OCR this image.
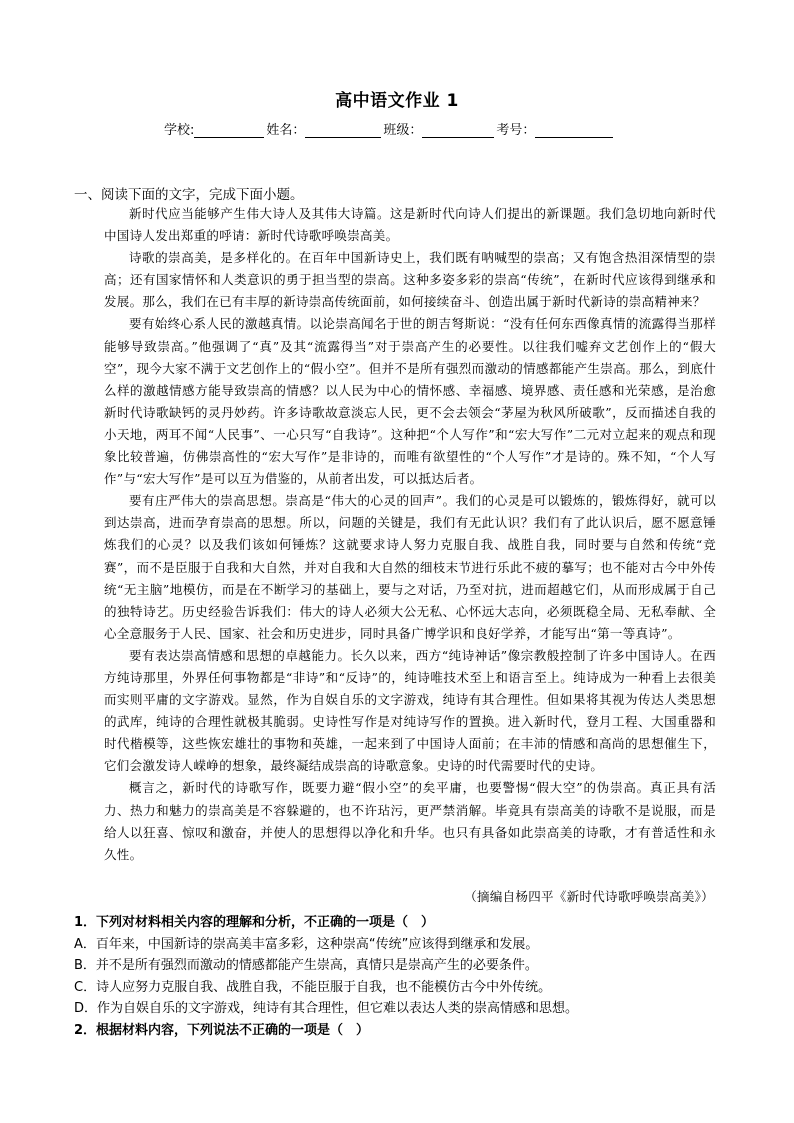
高中语文作业 1
学校:	姓名：	班级：	考号：
一、阅读下面的文字，完成下面小题。

新时代应当能够产生伟大诗人及其伟大诗篇。这是新时代向诗人们提出的新课题。我们急切地向新时代中国诗人发出郑重的呼请：新时代诗歌呼唤崇高美。

诗歌的崇高美，是多样化的。在百年中国新诗史上，我们既有呐喊型的崇高；又有饱含热泪深情型的崇高；还有国家情怀和人类意识的勇于担当型的崇高。这种多姿多彩的崇高“传统”，在新时代应该得到继承和发展。那么，我们在已有丰厚的新诗崇高传统面前，如何接续奋斗、创造出属于新时代新诗的崇高精神来？

要有始终心系人民的激越真情。以论崇高闻名于世的朗吉弩斯说：“没有任何东西像真情的流露得当那样能够导致崇高。”他强调了“真”及其“流露得当”对于崇高产生的必要性。以往我们嘘弃文艺创作上的“假大空”，现今大家不满于文艺创作上的“假小空”。但并不是所有强烈而激动的情感都能产生崇高。那么，到底什么样的激越情感方能导致崇高的情感？以人民为中心的情怀感、幸福感、境界感、责任感和光荣感，是治愈新时代诗歌缺钙的灵丹妙药。许多诗歌故意淡忘人民，更不会去领会“茅屋为秋风所破歌”，反而描述自我的小天地，两耳不闻“人民事”、一心只写“自我诗”。这种把“个人写作”和“宏大写作”二元对立起来的观点和现象比较普遍，仿佛崇高性的“宏大写作”是非诗的，而唯有欲望性的“个人写作”才是诗的。殊不知，“个人写作”与“宏大写作”是可以互为借鉴的，从前者出发，可以抵达后者。

要有庄严伟大的崇高思想。崇高是“伟大的心灵的回声”。我们的心灵是可以锻炼的，锻炼得好，就可以到达崇高，进而孕育崇高的思想。所以，问题的关键是，我们有无此认识？我们有了此认识后，愿不愿意锤炼我们的心灵？以及我们该如何锤炼？这就要求诗人努力克服自我、战胜自我，同时要与自然和传统“竞赛”，而不是臣服于自我和大自然，并对自我和大自然的细枝末节进行乐此不疲的摹写；也不能对古今中外传统“无主脑”地模仿，而是在不断学习的基础上，要与之对话，乃至对抗，进而超越它们，从而形成属于自己的独特诗艺。历史经验告诉我们：伟大的诗人必须大公无私、心怀远大志向，必须既稳全局、无私奉献、全心全意服务于人民、国家、社会和历史进步，同时具备广博学识和良好学养，才能写出“第一等真诗”。

要有表达崇高情感和思想的卓越能力。长久以来，西方“纯诗神话”像宗教般控制了许多中国诗人。在西方纯诗那里，外界任何事物都是“非诗”和“反诗”的，纯诗唯技术至上和语言至上。纯诗成为一种看上去很美而实则平庸的文字游戏。显然，作为自娱自乐的文字游戏，纯诗有其合理性。但如果将其视为传达人类思想的武库，纯诗的合理性就极其脆弱。史诗性写作是对纯诗写作的置换。进入新时代，登月工程、大国重器和时代楷模等，这些恢宏雄壮的事物和英雄，一起来到了中国诗人面前；在丰沛的情感和高尚的思想催生下，它们会激发诗人嵘峥的想象，最终凝结成崇高的诗歌意象。史诗的时代需要时代的史诗。

概言之，新时代的诗歌写作，既要力避“假小空”的矣平庸，也要警惕“假大空”的伪崇高。真正具有活力、热力和魅力的崇高美是不容躲避的，也不许玷污，更严禁消解。毕竟具有崇高美的诗歌不是说服，而是给人以狂喜、惊叹和激奋，并使人的思想得以净化和升华。也只有具备如此崇高美的诗歌，才有普适性和永久性。

（摘编自杨四平《新时代诗歌呼唤崇高美》）
1．下列对材料相关内容的理解和分析，不正确的一项是（　）
A．百年来，中国新诗的崇高美丰富多彩，这种崇高“传统”应该得到继承和发展。
B．并不是所有强烈而激动的情感都能产生崇高，真情只是崇高产生的必要条件。
C．诗人应努力克服自我、战胜自我，不能臣服于自我，也不能模仿古今中外传统。
D．作为自娱自乐的文字游戏，纯诗有其合理性，但它难以表达人类的崇高情感和思想。
2．根据材料内容，下列说法不正确的一项是（　）
